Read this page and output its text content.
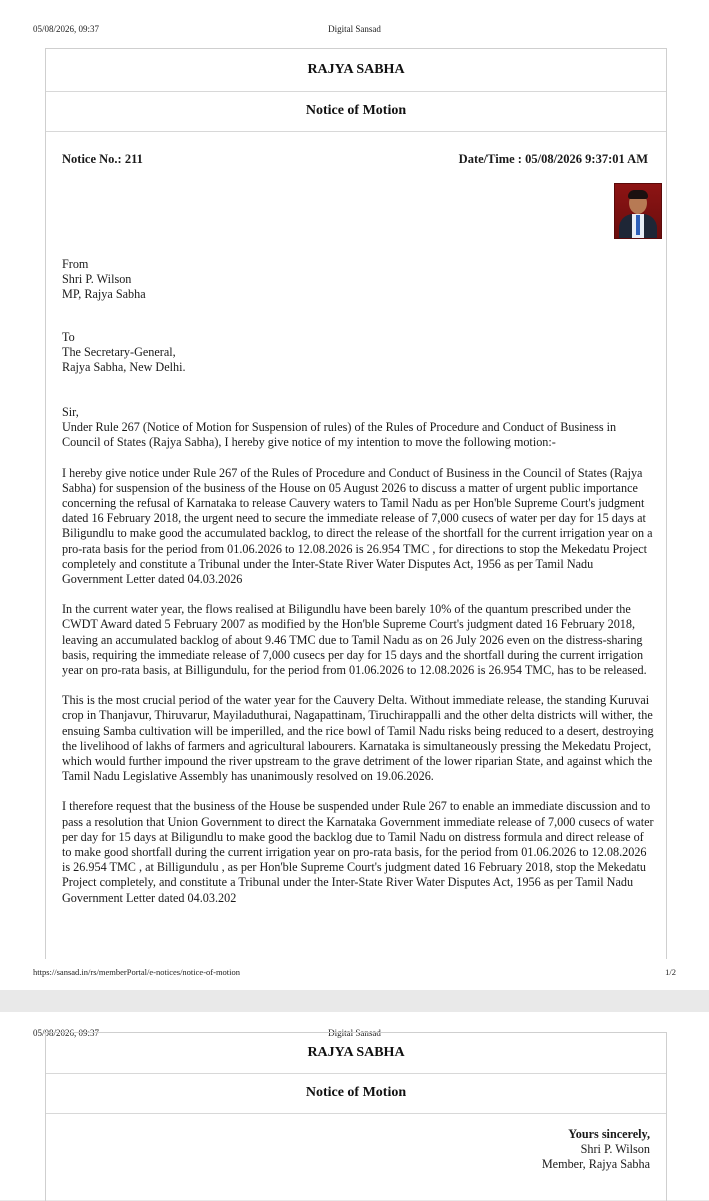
05/08/2026, 09:37	Digital Sansad
RAJYA SABHA
Notice of Motion
Notice No.: 211	Date/Time : 05/08/2026 9:37:01 AM

From

Shri P. Wilson

MP, Rajya Sabha

To

The Secretary-General,

Rajya Sabha, New Delhi.

Sir,

Under Rule 267 (Notice of Motion for Suspension of rules) of the Rules of Procedure and Conduct of Business in Council of States (Rajya Sabha), I hereby give notice of my intention to move the following motion:-

I hereby give notice under Rule 267 of the Rules of Procedure and Conduct of Business in the Council of States (Rajya Sabha) for suspension of the business of the House on 05 August 2026 to discuss a matter of urgent public importance concerning the refusal of Karnataka to release Cauvery waters to Tamil Nadu as per Hon'ble Supreme Court's judgment dated 16 February 2018, the urgent need to secure the immediate release of 7,000 cusecs of water per day for 15 days at Biligundlu to make good the accumulated backlog, to direct the release of the shortfall for the current irrigation year on a pro-rata basis for the period from 01.06.2026 to 12.08.2026 is 26.954 TMC , for directions to stop the Mekedatu Project completely and constitute a Tribunal under the Inter-State River Water Disputes Act, 1956 as per Tamil Nadu Government Letter dated 04.03.2026

In the current water year, the flows realised at Biligundlu have been barely 10% of the quantum prescribed under the CWDT Award dated 5 February 2007 as modified by the Hon'ble Supreme Court's judgment dated 16 February 2018, leaving an accumulated backlog of about 9.46 TMC due to Tamil Nadu as on 26 July 2026 even on the distress-sharing basis, requiring the immediate release of 7,000 cusecs per day for 15 days and the shortfall during the current irrigation year on pro-rata basis, at Billigundulu, for the period from 01.06.2026 to 12.08.2026 is 26.954 TMC, has to be released.

This is the most crucial period of the water year for the Cauvery Delta. Without immediate release, the standing Kuruvai crop in Thanjavur, Thiruvarur, Mayiladuthurai, Nagapattinam, Tiruchirappalli and the other delta districts will wither, the ensuing Samba cultivation will be imperilled, and the rice bowl of Tamil Nadu risks being reduced to a desert, destroying the livelihood of lakhs of farmers and agricultural labourers. Karnataka is simultaneously pressing the Mekedatu Project, which would further impound the river upstream to the grave detriment of the lower riparian State, and against which the Tamil Nadu Legislative Assembly has unanimously resolved on 19.06.2026.

I therefore request that the business of the House be suspended under Rule 267 to enable an immediate discussion and to pass a resolution that Union Government to direct the Karnataka Government immediate release of 7,000 cusecs of water per day for 15 days at Biligundlu to make good the backlog due to Tamil Nadu on distress formula and direct release of to make good shortfall during the current irrigation year on pro-rata basis, for the period from 01.06.2026 to 12.08.2026 is 26.954 TMC , at Billigundulu , as per Hon'ble Supreme Court's judgment dated 16 February 2018, stop the Mekedatu Project completely, and constitute a Tribunal under the Inter-State River Water Disputes Act, 1956 as per Tamil Nadu Government Letter dated 04.03.202

https://sansad.in/rs/memberPortal/e-notices/notice-of-motion	1/2
05/08/2026, 09:37	Digital Sansad
RAJYA SABHA
Notice of Motion
Yours sincerely,
Shri P. Wilson
Member, Rajya Sabha
